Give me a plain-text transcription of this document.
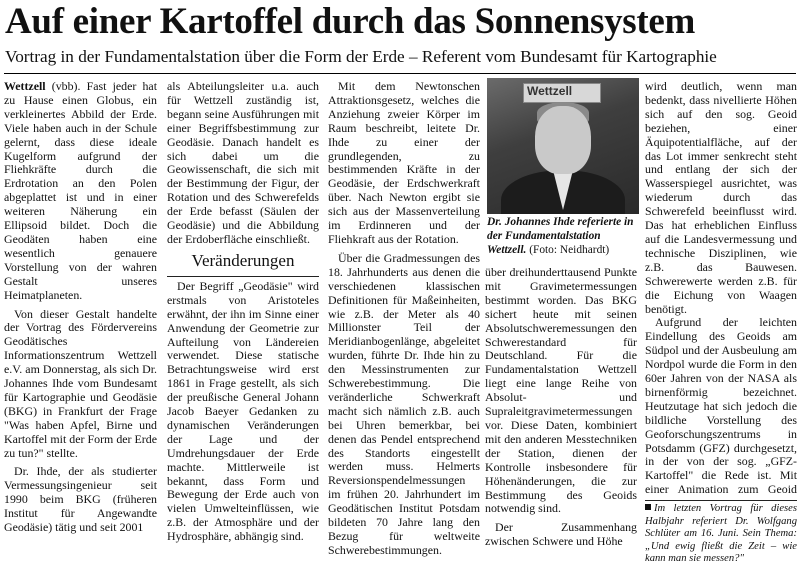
Auf einer Kartoffel durch das Sonnensystem
Vortrag in der Fundamentalstation über die Form der Erde – Referent vom Bundesamt für Kartographie

Wettzell (vbb). Fast jeder hat zu Hause einen Globus, ein verkleinertes Abbild der Erde. Viele haben auch in der Schule gelernt, dass diese ideale Kugelform aufgrund der Fliehkräfte durch die Erdrotation an den Polen abgeplattet ist und in einer weiteren Näherung ein Ellipsoid bildet. Doch die Geodäten haben eine wesentlich genauere Vorstellung von der wahren Gestalt unseres Heimatplaneten.

Von dieser Gestalt handelte der Vortrag des Fördervereins Geodätisches Informationszentrum Wettzell e.V. am Donnerstag, als sich Dr. Johannes Ihde vom Bundesamt für Kartographie und Geodäsie (BKG) in Frankfurt der Frage "Was haben Apfel, Birne und Kartoffel mit der Form der Erde zu tun?" stellte.

Dr. Ihde, der als studierter Vermessungsingenieur seit 1990 beim BKG (früheren Institut für Angewandte Geodäsie) tätig und seit 2001

als Abteilungsleiter u.a. auch für Wettzell zuständig ist, begann seine Ausführungen mit einer Begriffsbestimmung zur Geodäsie. Danach handelt es sich dabei um die Geowissenschaft, die sich mit der Bestimmung der Figur, der Rotation und des Schwerefelds der Erde befasst (Säulen der Geodäsie) und die Abbildung der Erdoberfläche einschließt.

Veränderungen

Der Begriff „Geodäsie" wird erstmals von Aristoteles erwähnt, der ihn im Sinne einer Anwendung der Geometrie zur Aufteilung von Ländereien verwendet. Diese statische Betrachtungsweise wird erst 1861 in Frage gestellt, als sich der preußische General Johann Jacob Baeyer Gedanken zu dynamischen Veränderungen der Lage und der Umdrehungsdauer der Erde machte. Mittlerweile ist bekannt, dass Form und Bewegung der Erde auch von vielen Umwelteinflüssen, wie z.B. der Atmosphäre und der Hydrosphäre, abhängig sind.

Mit dem Newtonschen Attraktionsgesetz, welches die Anziehung zweier Körper im Raum beschreibt, leitete Dr. Ihde zu einer der grundlegenden, zu bestimmenden Kräfte in der Geodäsie, der Erdschwerkraft über. Nach Newton ergibt sie sich aus der Massenverteilung im Erdinneren und der Fliehkraft aus der Rotation.

Über die Gradmessungen des 18. Jahrhunderts aus denen die verschiedenen klassischen Definitionen für Maßeinheiten, wie z.B. der Meter als 40 Millionster Teil der Meridianbogenlänge, abgeleitet wurden, führte Dr. Ihde hin zu den Messinstrumenten zur Schwerebestimmung. Die veränderliche Schwerkraft macht sich nämlich z.B. auch bei Uhren bemerkbar, bei denen das Pendel entsprechend des Standorts eingestellt werden muss. Helmerts Reversionspendelmessungen im frühen 20. Jahrhundert im Geodätischen Institut Potsdam bildeten 70 Jahre lang den Bezug für weltweite Schwerebestimmungen.

Wettzell
Dr. Johannes Ihde referierte in der Fundamentalstation Wettzell. (Foto: Neidhardt)

über dreihunderttausend Punkte mit Gravimetermessungen bestimmt worden. Das BKG sichert heute mit seinen Absolutschweremessungen den Schwerestandard für Deutschland. Für die Fundamentalstation Wettzell liegt eine lange Reihe von Absolut- und Supraleitgravimetermessungen vor. Diese Daten, kombiniert mit den anderen Messtechniken der Station, dienen der Kontrolle insbesondere für Höhenänderungen, die zur Bestimmung des Geoids notwendig sind.

Der Zusammenhang zwischen Schwere und Höhe

wird deutlich, wenn man bedenkt, dass nivellierte Höhen sich auf den sog. Geoid beziehen, einer Äquipotentialfläche, auf der das Lot immer senkrecht steht und entlang der sich der Wasserspiegel ausrichtet, was wiederum durch das Schwerefeld beeinflusst wird. Das hat erheblichen Einfluss auf die Landesvermessung und technische Disziplinen, wie z.B. das Bauwesen. Schwerewerte werden z.B. für die Eichung von Waagen benötigt.

Aufgrund der leichten Eindellung des Geoids am Südpol und der Ausbeulung am Nordpol wurde die Form in den 60er Jahren von der NASA als birnenförmig bezeichnet. Heutzutage hat sich jedoch die bildliche Vorstellung des Geoforschungszentrums in Potsdamm (GFZ) durchgesetzt, in der von der sog. „GFZ-Kartoffel" die Rede ist. Mit einer Animation zum Geoid

Im letzten Vortrag für dieses Halbjahr referiert Dr. Wolfgang Schlüter am 16. Juni. Sein Thema: „Und ewig fließt die Zeit – wie kann man sie messen?"
